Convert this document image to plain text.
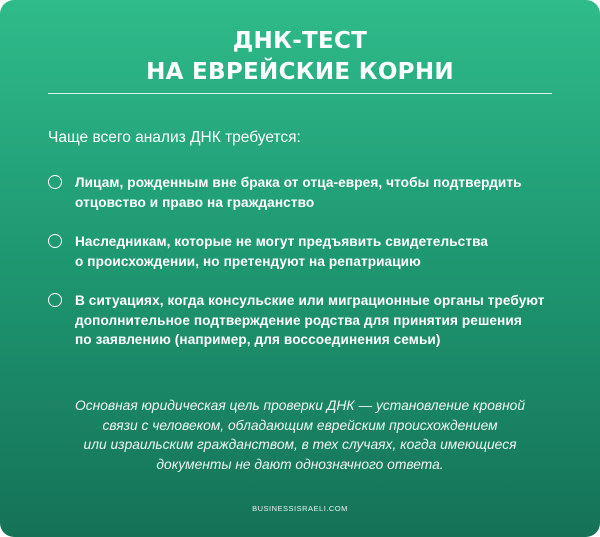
ДНК-ТЕСТ
НА ЕВРЕЙСКИЕ КОРНИ
Чаще всего анализ ДНК требуется:
Лицам, рожденным вне брака от отца-еврея, чтобы подтвердить
отцовство и право на гражданство
Наследникам, которые не могут предъявить свидетельства
о происхождении, но претендуют на репатриацию
В ситуациях, когда консульские или миграционные органы требуют
дополнительное подтверждение родства для принятия решения
по заявлению (например, для воссоединения семьи)
Основная юридическая цель проверки ДНК — установление кровной
связи с человеком, обладающим еврейским происхождением
или израильским гражданством, в тех случаях, когда имеющиеся
документы не дают однозначного ответа.
BUSINESSISRAELI.COM
